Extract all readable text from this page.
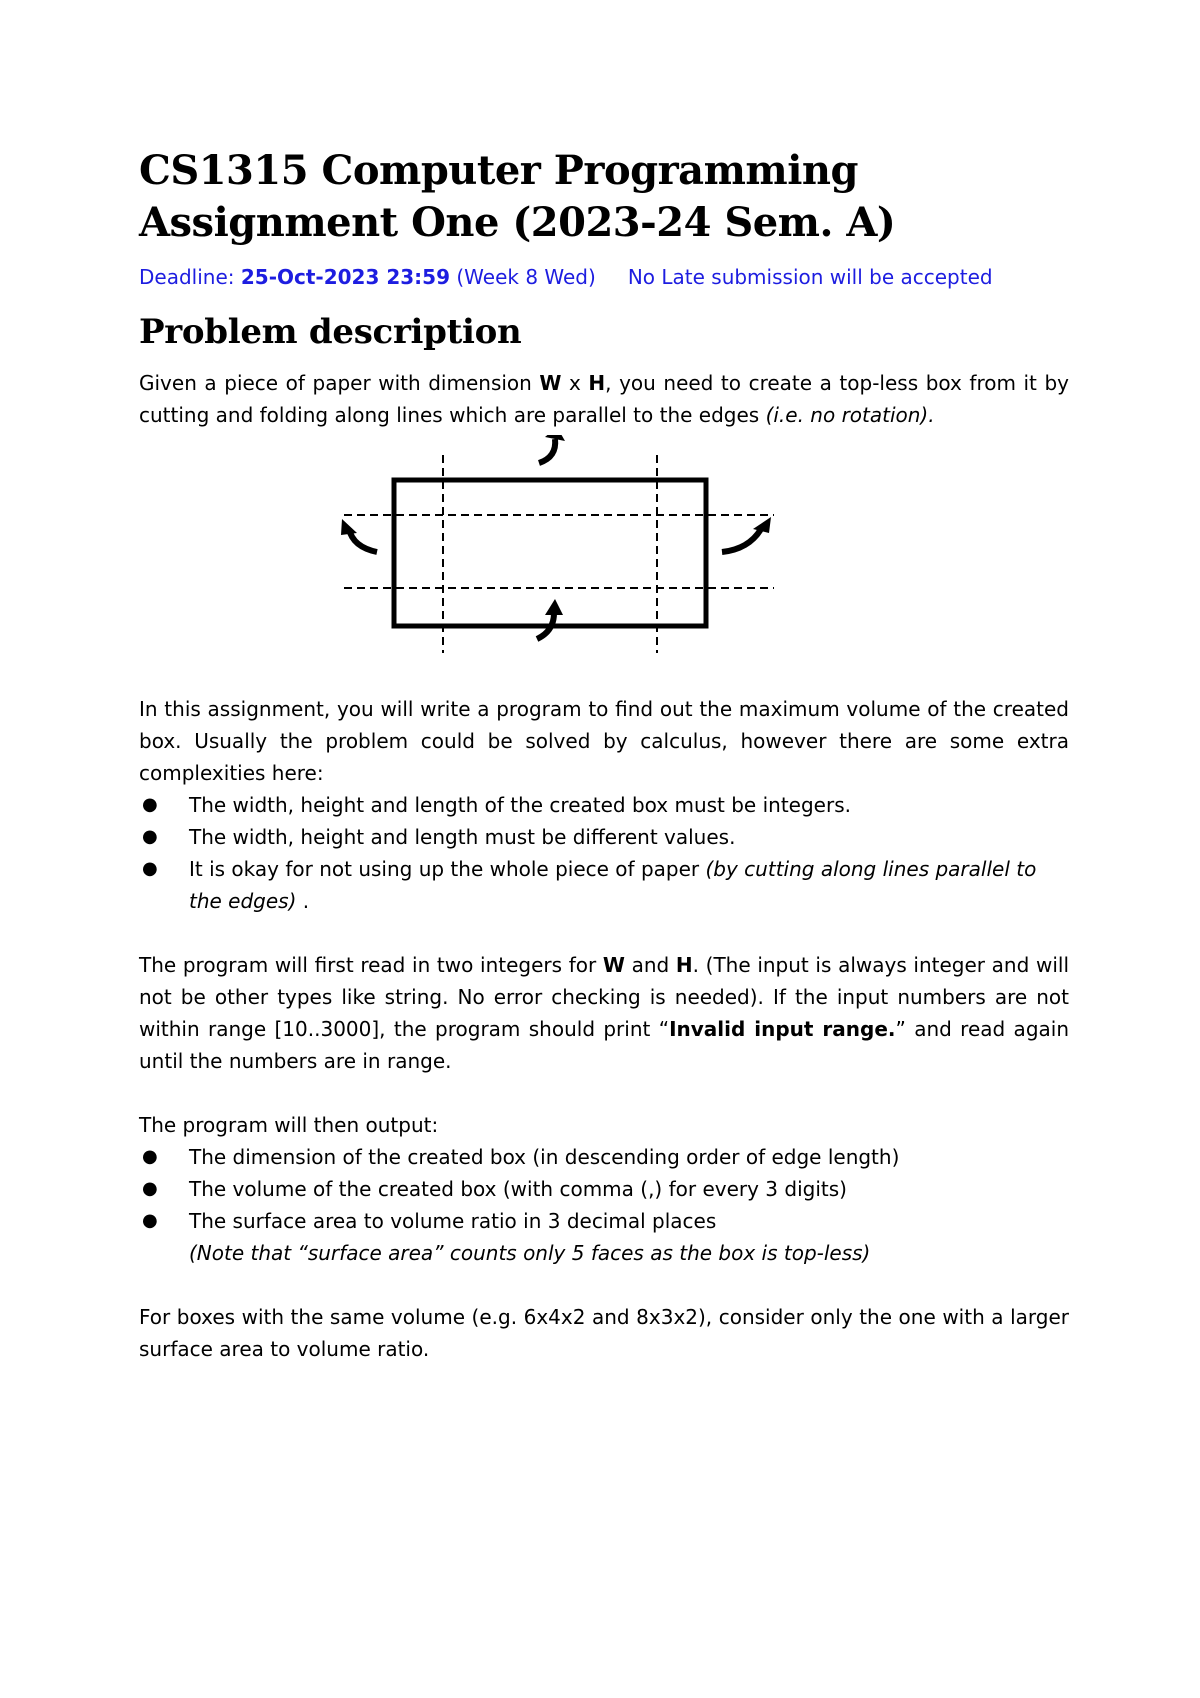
CS1315 Computer Programming
Assignment One (2023-24 Sem. A)
Deadline: 25-Oct-2023 23:59 (Week 8 Wed) No Late submission will be accepted
Problem description

Given a piece of paper with dimension W x H, you need to create a top-less box from it by cutting and folding along lines which are parallel to the edges (i.e. no rotation).

In this assignment, you will write a program to find out the maximum volume of the created box. Usually the problem could be solved by calculus, however there are some extra complexities here:

● The width, height and length of the created box must be integers.
● The width, height and length must be different values.
● It is okay for not using up the whole piece of paper (by cutting along lines parallel to the edges) .

The program will first read in two integers for W and H. (The input is always integer and will not be other types like string. No error checking is needed). If the input numbers are not within range [10..3000], the program should print “Invalid input range.” and read again until the numbers are in range.

The program will then output:

● The dimension of the created box (in descending order of edge length)
● The volume of the created box (with comma (,) for every 3 digits)
● The surface area to volume ratio in 3 decimal places
(Note that “surface area” counts only 5 faces as the box is top-less)

For boxes with the same volume (e.g. 6x4x2 and 8x3x2), consider only the one with a larger surface area to volume ratio.
